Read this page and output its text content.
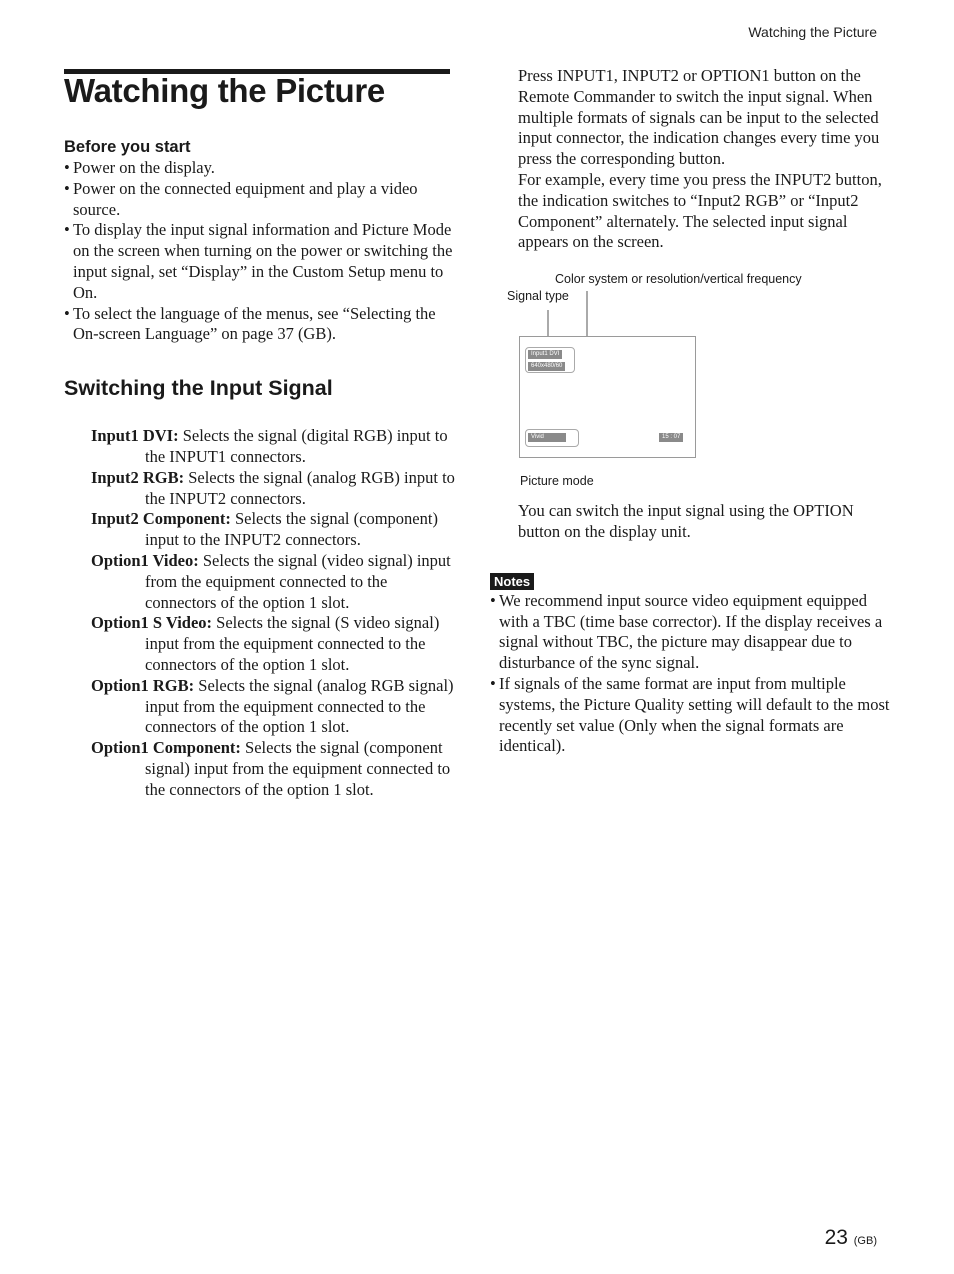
Watching the Picture
Watching the Picture
Before you start
• Power on the display.
• Power on the connected equipment and play a video source.
• To display the input signal information and Picture Mode on the screen when turning on the power or switching the input signal, set “Display” in the Custom Setup menu to On.
• To select the language of the menus, see “Selecting the On-screen Language” on page 37 (GB).
Switching the Input Signal
Input1 DVI: Selects the signal (digital RGB) input to the INPUT1 connectors.
Input2 RGB: Selects the signal (analog RGB) input to the INPUT2 connectors.
Input2 Component: Selects the signal (component) input to the INPUT2 connectors.
Option1 Video: Selects the signal (video signal) input from the equipment connected to the connectors of the option 1 slot.
Option1 S Video: Selects the signal (S video signal) input from the equipment connected to the connectors of the option 1 slot.
Option1 RGB: Selects the signal (analog RGB signal) input from the equipment connected to the connectors of the option 1 slot.
Option1 Component: Selects the signal (component signal) input from the equipment connected to the connectors of the option 1 slot.

Press INPUT1, INPUT2 or OPTION1 button on the Remote Commander to switch the input signal. When multiple formats of signals can be input to the selected input connector, the indication changes every time you press the corresponding button.

For example, every time you press the INPUT2 button, the indication switches to “Input2 RGB” or “Input2 Component” alternately. The selected input signal appears on the screen.

Color system or resolution/vertical frequency
Signal type
Input1 DVI
640x480/60
Vivid	15 : 07
Picture mode

You can switch the input signal using the OPTION button on the display unit.

Notes
• We recommend input source video equipment equipped with a TBC (time base corrector). If the display receives a signal without TBC, the picture may disappear due to disturbance of the sync signal.
• If signals of the same format are input from multiple systems, the Picture Quality setting will default to the most recently set value (Only when the signal formats are identical).
23 (GB)
